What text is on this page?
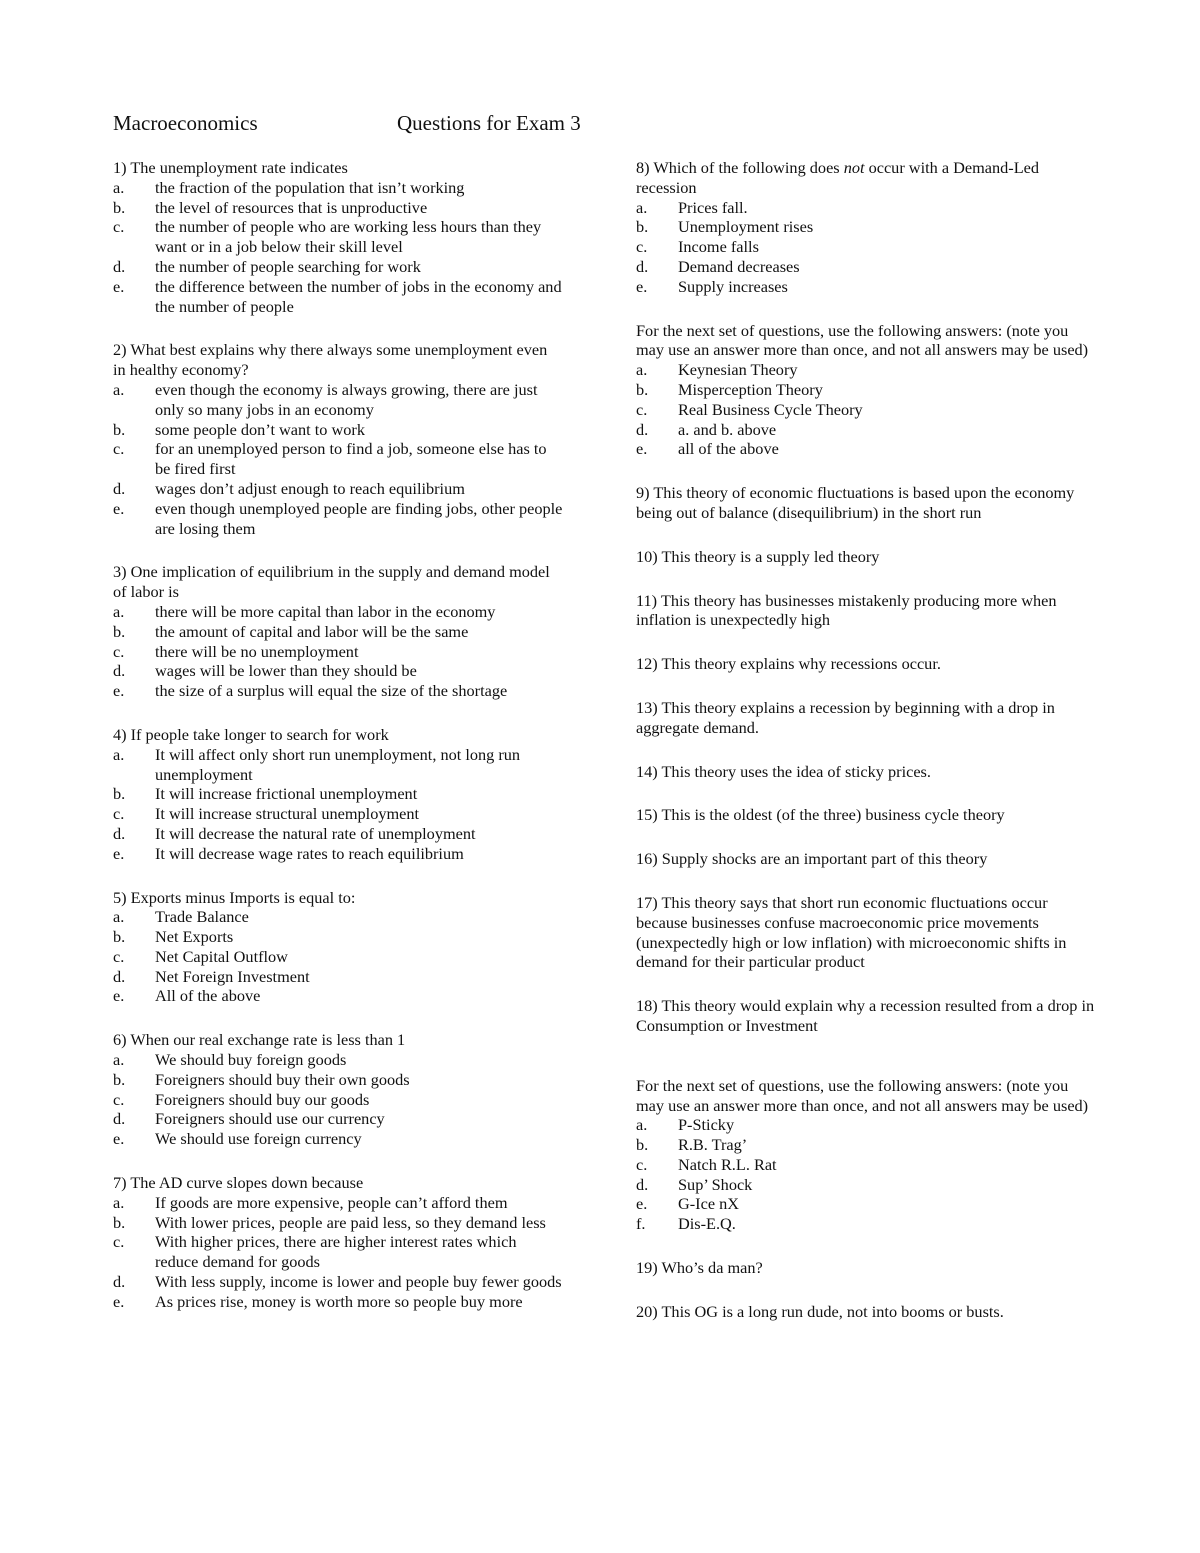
Macroeconomics	Questions for Exam 3

1) The unemployment rate indicates

a.	the fraction of the population that isn’t working
b.	the level of resources that is unproductive
c.	the number of people who are working less hours than they want or in a job below their skill level
d.	the number of people searching for work
e.	the difference between the number of jobs in the economy and the number of people

2) What best explains why there always some unemployment even in healthy economy?

a.	even though the economy is always growing, there are just only so many jobs in an economy
b.	some people don’t want to work
c.	for an unemployed person to find a job, someone else has to be fired first
d.	wages don’t adjust enough to reach equilibrium
e.	even though unemployed people are finding jobs, other people are losing them

3) One implication of equilibrium in the supply and demand model of labor is

a.	there will be more capital than labor in the economy
b.	the amount of capital and labor will be the same
c.	there will be no unemployment
d.	wages will be lower than they should be
e.	the size of a surplus will equal the size of the shortage

4) If people take longer to search for work

a.	It will affect only short run unemployment, not long run unemployment
b.	It will increase frictional unemployment
c.	It will increase structural unemployment
d.	It will decrease the natural rate of unemployment
e.	It will decrease wage rates to reach equilibrium

5) Exports minus Imports is equal to:

a.	Trade Balance
b.	Net Exports
c.	Net Capital Outflow
d.	Net Foreign Investment
e.	All of the above

6) When our real exchange rate is less than 1

a.	We should buy foreign goods
b.	Foreigners should buy their own goods
c.	Foreigners should buy our goods
d.	Foreigners should use our currency
e.	We should use foreign currency

7) The AD curve slopes down because

a.	If goods are more expensive, people can’t afford them
b.	With lower prices, people are paid less, so they demand less
c.	With higher prices, there are higher interest rates which reduce demand for goods
d.	With less supply, income is lower and people buy fewer goods
e.	As prices rise, money is worth more so people buy more

8) Which of the following does not occur with a Demand-Led recession

a.	Prices fall.
b.	Unemployment rises
c.	Income falls
d.	Demand decreases
e.	Supply increases

For the next set of questions, use the following answers: (note you may use an answer more than once, and not all answers may be used)

a.	Keynesian Theory
b.	Misperception Theory
c.	Real Business Cycle Theory
d.	a. and b. above
e.	all of the above

9) This theory of economic fluctuations is based upon the economy being out of balance (disequilibrium) in the short run

10) This theory is a supply led theory

11) This theory has businesses mistakenly producing more when inflation is unexpectedly high

12) This theory explains why recessions occur.

13) This theory explains a recession by beginning with a drop in aggregate demand.

14) This theory uses the idea of sticky prices.

15) This is the oldest (of the three) business cycle theory

16) Supply shocks are an important part of this theory

17) This theory says that short run economic fluctuations occur because businesses confuse macroeconomic price movements (unexpectedly high or low inflation) with microeconomic shifts in demand for their particular product

18) This theory would explain why a recession resulted from a drop in Consumption or Investment

For the next set of questions, use the following answers: (note you may use an answer more than once, and not all answers may be used)

a.	P-Sticky
b.	R.B. Trag’
c.	Natch R.L. Rat
d.	Sup’ Shock
e.	G-Ice nX
f.	Dis-E.Q.

19) Who’s da man?

20) This OG is a long run dude, not into booms or busts.
